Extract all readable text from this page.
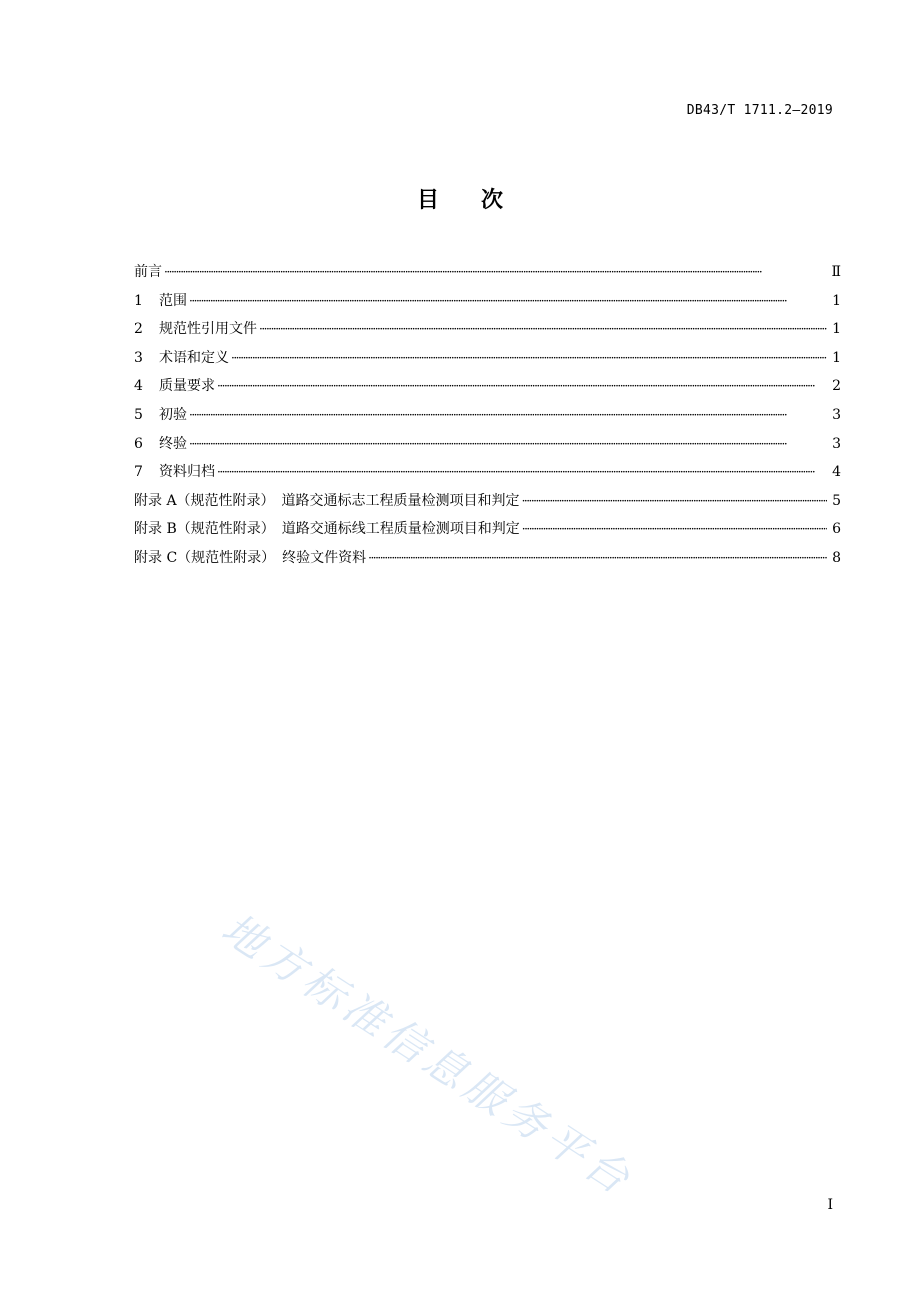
DB43/T 1711.2—2019
目 次
前言 ·····	Ⅱ
1 范围 ·····	1
2 规范性引用文件 ·····	1
3 术语和定义 ·····	1
4 质量要求 ·····	2
5 初验 ·····	3
6 终验 ·····	3
7 资料归档 ·····	4
附录 A（规范性附录）　道路交通标志工程质量检测项目和判定 ·····	5
附录 B（规范性附录）　道路交通标线工程质量检测项目和判定 ·····	6
附录 C（规范性附录）　终验文件资料 ·····	8
地方标准信息服务平台	I
